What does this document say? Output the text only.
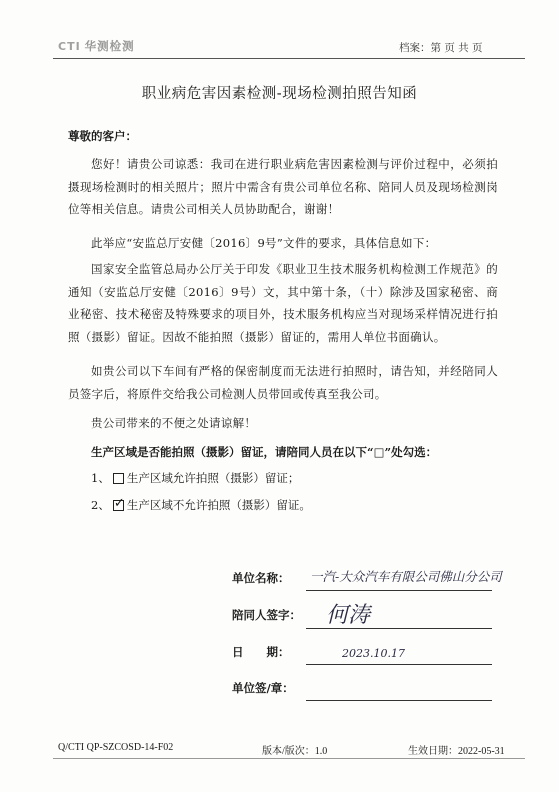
CTI 华测检测	档案：第 页 共 页
职业病危害因素检测-现场检测拍照告知函
尊敬的客户：

您好！请贵公司谅悉：我司在进行职业病危害因素检测与评价过程中，必须拍摄现场检测时的相关照片；照片中需含有贵公司单位名称、陪同人员及现场检测岗位等相关信息。请贵公司相关人员协助配合，谢谢！

此举应“安监总厅安健〔2016〕9号”文件的要求，具体信息如下：

国家安全监管总局办公厅关于印发《职业卫生技术服务机构检测工作规范》的通知（安监总厅安健〔2016〕9号）文，其中第十条，（十）除涉及国家秘密、商业秘密、技术秘密及特殊要求的项目外，技术服务机构应当对现场采样情况进行拍照（摄影）留证。因故不能拍照（摄影）留证的，需用人单位书面确认。

如贵公司以下车间有严格的保密制度而无法进行拍照时，请告知，并经陪同人员签字后，将原件交给我公司检测人员带回或传真至我公司。

贵公司带来的不便之处请谅解！

生产区域是否能拍照（摄影）留证，请陪同人员在以下“□”处勾选：
1、 生产区域允许拍照（摄影）留证；
2、 ✓ 生产区域不允许拍照（摄影）留证。
单位名称： 一汽-大众汽车有限公司佛山分公司
陪同人签字： 何涛
日　　期：	2023.10.17
单位签/章：
Q/CTI QP-SZCOSD-14-F02	版本/版次：1.0	生效日期：2022-05-31
